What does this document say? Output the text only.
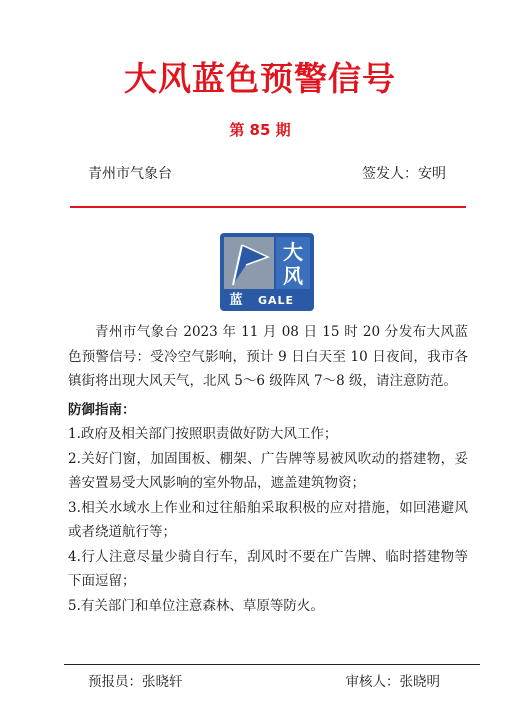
大风蓝色预警信号
第 85 期
青州市气象台	签发人：安明
大
风
蓝 GALE

青州市气象台 2023 年 11 月 08 日 15 时 20 分发布大风蓝色预警信号：受冷空气影响，预计 9 日白天至 10 日夜间，我市各镇街将出现大风天气，北风 5～6 级阵风 7～8 级，请注意防范。

防御指南：

1.政府及相关部门按照职责做好防大风工作；

2.关好门窗，加固围板、棚架、广告牌等易被风吹动的搭建物，妥善安置易受大风影响的室外物品，遮盖建筑物资；

3.相关水域水上作业和过往船舶采取积极的应对措施，如回港避风或者绕道航行等；

4.行人注意尽量少骑自行车，刮风时不要在广告牌、临时搭建物等下面逗留；

5.有关部门和单位注意森林、草原等防火。

预报员：张晓轩	审核人：张晓明
